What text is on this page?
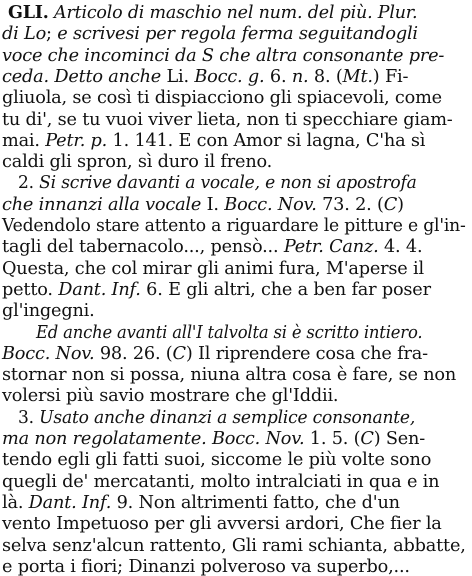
GLI. Articolo di maschio nel num. del più. Plur.
di Lo; e scrivesi per regola ferma seguitandogli
voce che incominci da S che altra consonante pre-
ceda. Detto anche Li. Bocc. g. 6. n. 8. (Mt.) Fi-
gliuola, se così ti dispiacciono gli spiacevoli, come
tu di', se tu vuoi viver lieta, non ti specchiare giam-
mai. Petr. p. 1. 141. E con Amor si lagna, C'ha sì
caldi gli spron, sì duro il freno.
2. Si scrive davanti a vocale, e non si apostrofa
che innanzi alla vocale I. Bocc. Nov. 73. 2. (C)
Vedendolo stare attento a riguardare le pitture e gl'in-
tagli del tabernacolo..., pensò... Petr. Canz. 4. 4.
Questa, che col mirar gli animi fura, M'aperse il
petto. Dant. Inf. 6. E gli altri, che a ben far poser
gl'ingegni.
Ed anche avanti all'I talvolta si è scritto intiero.
Bocc. Nov. 98. 26. (C) Il riprendere cosa che fra-
stornar non si possa, niuna altra cosa è fare, se non
volersi più savio mostrare che gl'Iddii.
3. Usato anche dinanzi a semplice consonante,
ma non regolatamente. Bocc. Nov. 1. 5. (C) Sen-
tendo egli gli fatti suoi, siccome le più volte sono
quegli de' mercatanti, molto intralciati in qua e in
là. Dant. Inf. 9. Non altrimenti fatto, che d'un
vento Impetuoso per gli avversi ardori, Che fier la
selva senz'alcun rattento, Gli rami schianta, abbatte,
e porta i fiori; Dinanzi polveroso va superbo,...
